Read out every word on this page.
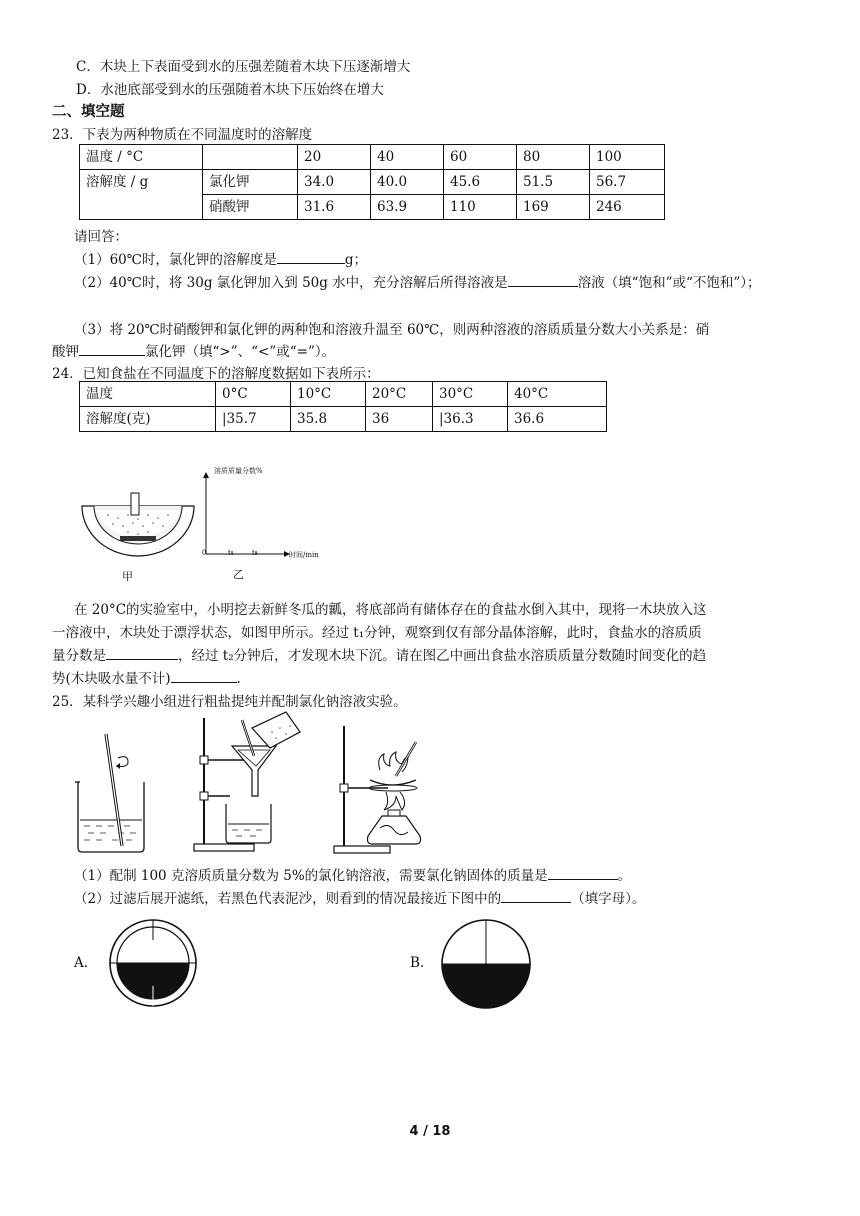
C．木块上下表面受到水的压强差随着木块下压逐渐增大
D．水池底部受到水的压强随着木块下压始终在增大
二、填空题
23．下表为两种物质在不同温度时的溶解度
温度 / °C		20	40	60	80	100
溶解度 / g	氯化钾	34.0	40.0	45.6	51.5	56.7
	硝酸钾	31.6	63.9	110	169	246
请回答：
（1）60℃时，氯化钾的溶解度是	g；
（2）40℃时，将 30g 氯化钾加入到 50g 水中，充分溶解后所得溶液是	溶液（填“饱和”或“不饱和”）；
（3）将 20℃时硝酸钾和氯化钾的两种饱和溶液升温至 60℃，则两种溶液的溶质质量分数大小关系是：硝
酸钾	氯化钾（填“>”、“<”或“=”）。
24．已知食盐在不同温度下的溶解度数据如下表所示：
温度	0°C	10°C	20°C	30°C	40°C
溶解度(克)	|35.7	35.8	36	|36.3	36.6
甲
溶质质量分数%
0	t₁	t₂	时间/min
乙
在 20°C的实验室中，小明挖去新鲜冬瓜的瓤，将底部尚有储体存在的食盐水倒入其中，现将一木块放入这
一溶液中，木块处于漂浮状态，如图甲所示。经过 t₁分钟，观察到仅有部分晶体溶解，此时，食盐水的溶质质
量分数是	，经过 t₂分钟后，才发现木块下沉。请在图乙中画出食盐水溶质质量分数随时间变化的趋
势(木块吸水量不计)	.
25．某科学兴趣小组进行粗盐提纯并配制氯化钠溶液实验。
（1）配制 100 克溶质质量分数为 5%的氯化钠溶液，需要氯化钠固体的质量是	。
（2）过滤后展开滤纸，若黑色代表泥沙，则看到的情况最接近下图中的	（填字母）。
A.	B.
4 / 18
